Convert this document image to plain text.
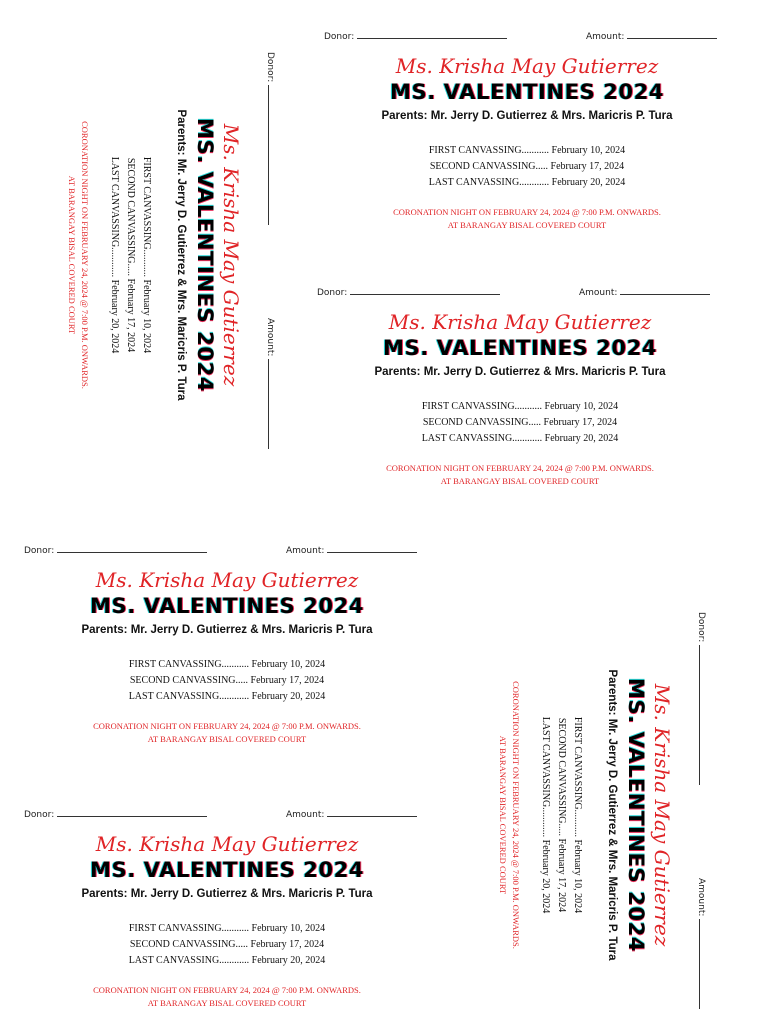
Donor:	Amount:
Ms. Krisha May Gutierrez
MS. VALENTINES 2024
Parents: Mr. Jerry D. Gutierrez & Mrs. Maricris P. Tura
FIRST CANVASSING........... February 10, 2024
SECOND CANVASSING..... February 17, 2024
LAST CANVASSING............ February 20, 2024
CORONATION NIGHT ON FEBRUARY 24, 2024 @ 7:00 P.M. ONWARDS.
AT BARANGAY BISAL COVERED COURT
Donor:	Amount:
Ms. Krisha May Gutierrez
MS. VALENTINES 2024
Parents: Mr. Jerry D. Gutierrez & Mrs. Maricris P. Tura
FIRST CANVASSING........... February 10, 2024
SECOND CANVASSING..... February 17, 2024
LAST CANVASSING............ February 20, 2024
CORONATION NIGHT ON FEBRUARY 24, 2024 @ 7:00 P.M. ONWARDS.
AT BARANGAY BISAL COVERED COURT
Donor:	Amount:
Ms. Krisha May Gutierrez
MS. VALENTINES 2024
Parents: Mr. Jerry D. Gutierrez & Mrs. Maricris P. Tura
FIRST CANVASSING........... February 10, 2024
SECOND CANVASSING..... February 17, 2024
LAST CANVASSING............ February 20, 2024
CORONATION NIGHT ON FEBRUARY 24, 2024 @ 7:00 P.M. ONWARDS.
AT BARANGAY BISAL COVERED COURT
Donor:	Amount:
Ms. Krisha May Gutierrez
MS. VALENTINES 2024
Parents: Mr. Jerry D. Gutierrez & Mrs. Maricris P. Tura
FIRST CANVASSING........... February 10, 2024
SECOND CANVASSING..... February 17, 2024
LAST CANVASSING............ February 20, 2024
CORONATION NIGHT ON FEBRUARY 24, 2024 @ 7:00 P.M. ONWARDS.
AT BARANGAY BISAL COVERED COURT
Donor:
Amount:
Ms. Krisha May Gutierrez
MS. VALENTINES 2024
Parents: Mr. Jerry D. Gutierrez & Mrs. Maricris P. Tura
FIRST CANVASSING........... February 10, 2024
SECOND CANVASSING..... February 17, 2024
LAST CANVASSING............ February 20, 2024
CORONATION NIGHT ON FEBRUARY 24, 2024 @ 7:00 P.M. ONWARDS.
AT BARANGAY BISAL COVERED COURT
Donor:
Amount:
Ms. Krisha May Gutierrez
MS. VALENTINES 2024
Parents: Mr. Jerry D. Gutierrez & Mrs. Maricris P. Tura
FIRST CANVASSING........... February 10, 2024
SECOND CANVASSING..... February 17, 2024
LAST CANVASSING............ February 20, 2024
CORONATION NIGHT ON FEBRUARY 24, 2024 @ 7:00 P.M. ONWARDS.
AT BARANGAY BISAL COVERED COURT
